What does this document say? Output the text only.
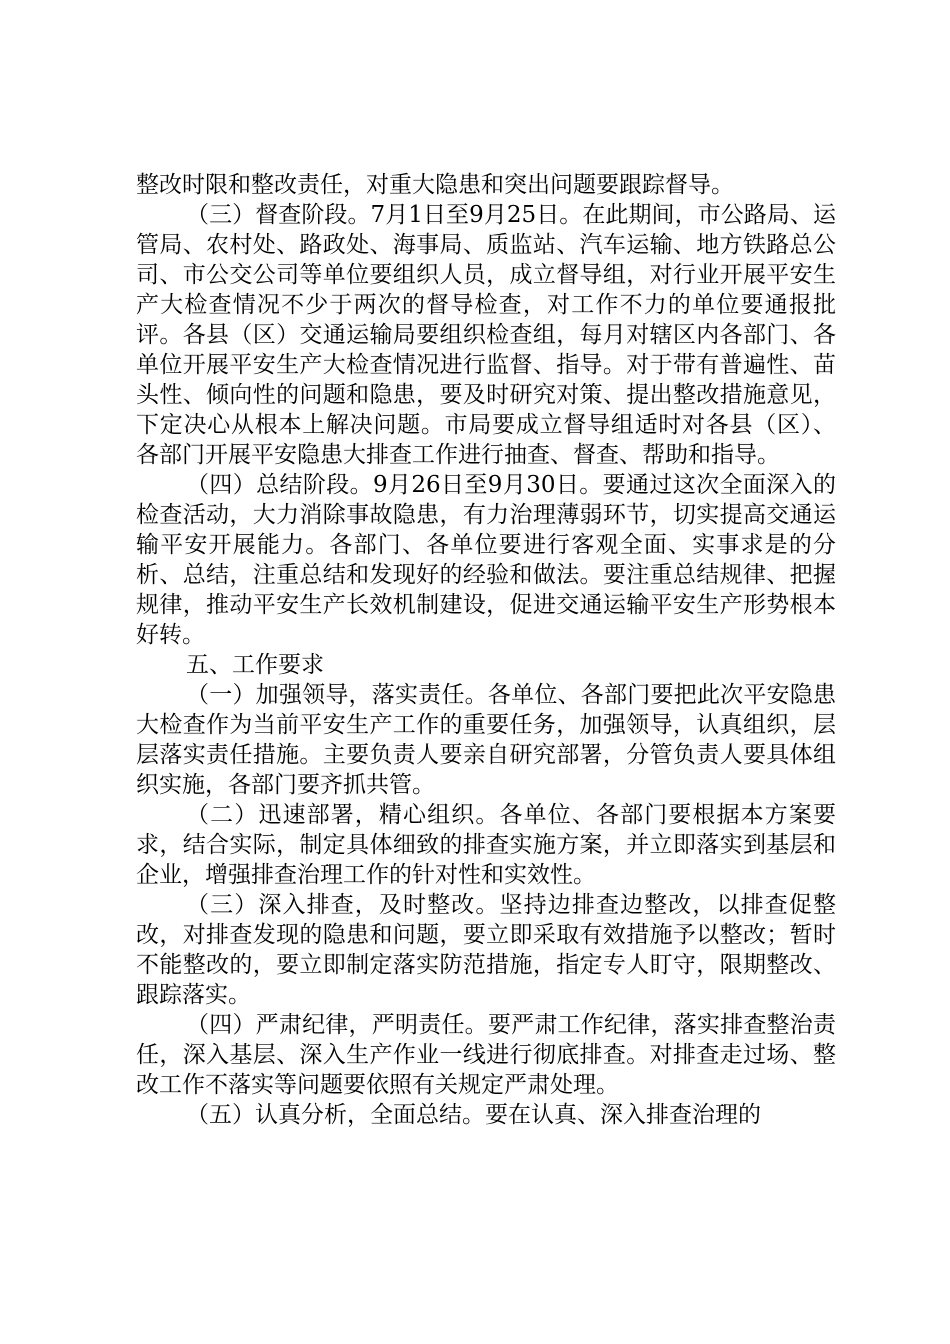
整改时限和整改责任，对重大隐患和突出问题要跟踪督导。

（三）督查阶段。7月1日至9月25日。在此期间，市公路局、运管局、农村处、路政处、海事局、质监站、汽车运输、地方铁路总公司、市公交公司等单位要组织人员，成立督导组，对行业开展平安生产大检查情况不少于两次的督导检查，对工作不力的单位要通报批评。各县（区）交通运输局要组织检查组，每月对辖区内各部门、各单位开展平安生产大检查情况进行监督、指导。对于带有普遍性、苗头性、倾向性的问题和隐患，要及时研究对策、提出整改措施意见，下定决心从根本上解决问题。市局要成立督导组适时对各县（区）、各部门开展平安隐患大排查工作进行抽查、督查、帮助和指导。

（四）总结阶段。9月26日至9月30日。要通过这次全面深入的检查活动，大力消除事故隐患，有力治理薄弱环节，切实提高交通运输平安开展能力。各部门、各单位要进行客观全面、实事求是的分析、总结，注重总结和发现好的经验和做法。要注重总结规律、把握规律，推动平安生产长效机制建设，促进交通运输平安生产形势根本好转。

五、工作要求

（一）加强领导，落实责任。各单位、各部门要把此次平安隐患大检查作为当前平安生产工作的重要任务，加强领导，认真组织，层层落实责任措施。主要负责人要亲自研究部署，分管负责人要具体组织实施，各部门要齐抓共管。

（二）迅速部署，精心组织。各单位、各部门要根据本方案要求，结合实际，制定具体细致的排查实施方案，并立即落实到基层和企业，增强排查治理工作的针对性和实效性。

（三）深入排查，及时整改。坚持边排查边整改，以排查促整改，对排查发现的隐患和问题，要立即采取有效措施予以整改；暂时不能整改的，要立即制定落实防范措施，指定专人盯守，限期整改、跟踪落实。

（四）严肃纪律，严明责任。要严肃工作纪律，落实排查整治责任，深入基层、深入生产作业一线进行彻底排查。对排查走过场、整改工作不落实等问题要依照有关规定严肃处理。

（五）认真分析，全面总结。要在认真、深入排查治理的
